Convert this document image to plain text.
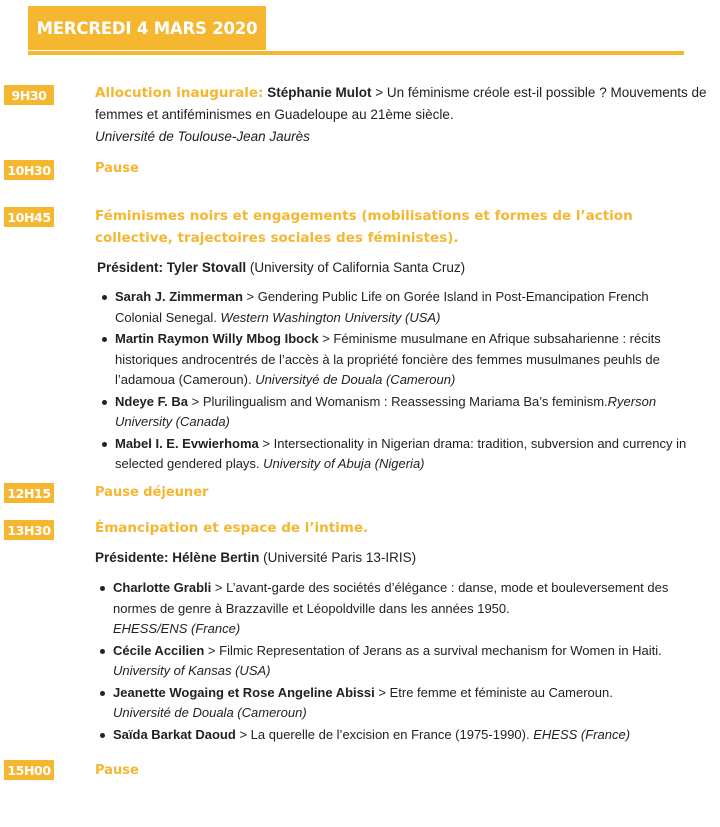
MERCREDI 4 MARS 2020
9H30	Allocution inaugurale: Stéphanie Mulot > Un féminisme créole est-il possible ? Mouvements de femmes et antiféminismes en Guadeloupe au 21ème siècle.
Université de Toulouse-Jean Jaurès
10H30	Pause
10H45	Féminismes noirs et engagements (mobilisations et formes de l’action collective, trajectoires sociales des féministes).
Président: Tyler Stovall (University of California Santa Cruz)
Sarah J. Zimmerman > Gendering Public Life on Gorée Island in Post-Emancipation French Colonial Senegal. Western Washington University (USA)
Martin Raymon Willy Mbog Ibock > Féminisme musulmane en Afrique subsaharienne : récits historiques androcentrés de l’accès à la propriété foncière des femmes musulmanes peuhls de l’adamoua (Cameroun). Universityé de Douala (Cameroun)
Ndeye F. Ba > Plurilingualism and Womanism : Reassessing Mariama Ba’s feminism.Ryerson University (Canada)
Mabel I. E. Evwierhoma > Intersectionality in Nigerian drama: tradition, subversion and currency in selected gendered plays. University of Abuja (Nigeria)
12H15	Pause déjeuner
13H30	Émancipation et espace de l’intime.
Présidente: Hélène Bertin (Université Paris 13-IRIS)
Charlotte Grabli > L’avant-garde des sociétés d’élégance : danse, mode et bouleversement des normes de genre à Brazzaville et Léopoldville dans les années 1950.
EHESS/ENS (France)
Cécile Accilien > Filmic Representation of Jerans as a survival mechanism for Women in Haiti. University of Kansas (USA)
Jeanette Wogaing et Rose Angeline Abissi > Etre femme et féministe au Cameroun.
Université de Douala (Cameroun)
Saïda Barkat Daoud > La querelle de l’excision en France (1975-1990). EHESS (France)
15H00	Pause
